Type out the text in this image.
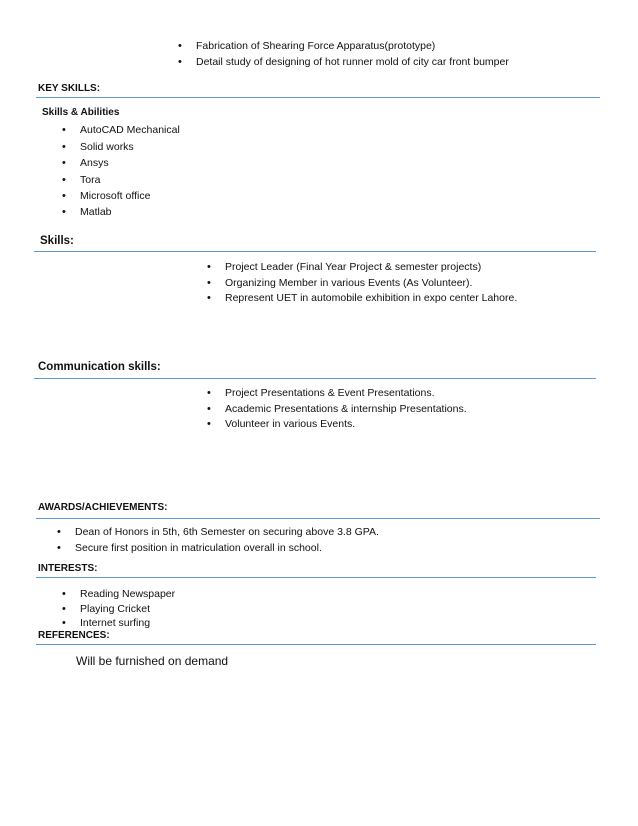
• Fabrication of Shearing Force Apparatus(prototype)
• Detail study of designing of hot runner mold of city car front bumper
KEY SKILLS:
Skills & Abilities
• AutoCAD Mechanical
• Solid works
• Ansys
• Tora
• Microsoft office
• Matlab
Skills:
• Project Leader (Final Year Project & semester projects)
• Organizing Member in various Events (As Volunteer).
• Represent UET in automobile exhibition in expo center Lahore.
Communication skills:
• Project Presentations & Event Presentations.
• Academic Presentations & internship Presentations.
• Volunteer in various Events.
AWARDS/ACHIEVEMENTS:
• Dean of Honors in 5th, 6th Semester on securing above 3.8 GPA.
• Secure first position in matriculation overall in school.
INTERESTS:
• Reading Newspaper
• Playing Cricket
• Internet surfing
REFERENCES:
Will be furnished on demand
